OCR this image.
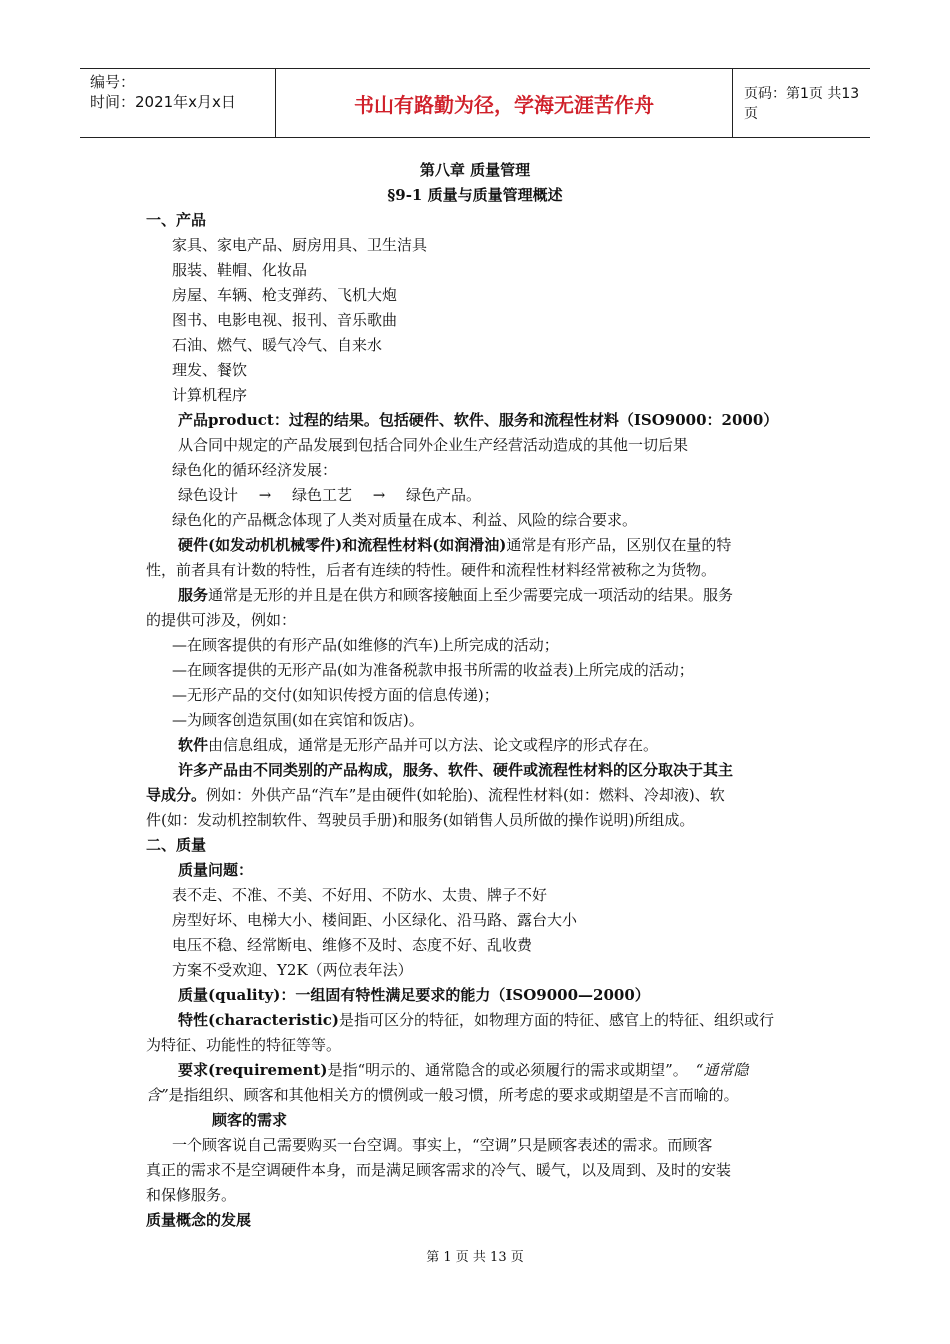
编号：
时间：2021年x月x日	书山有路勤为径，学海无涯苦作舟	页码：第1页 共13页
第八章 质量管理
§9-1 质量与质量管理概述
一、产品
家具、家电产品、厨房用具、卫生洁具
服装、鞋帽、化妆品
房屋、车辆、枪支弹药、飞机大炮
图书、电影电视、报刊、音乐歌曲
石油、燃气、暖气冷气、自来水
理发、餐饮
计算机程序
产品product：过程的结果。包括硬件、软件、服务和流程性材料（ISO9000：2000）
从合同中规定的产品发展到包括合同外企业生产经营活动造成的其他一切后果
绿色化的循环经济发展：
绿色设计 → 绿色工艺 → 绿色产品。
绿色化的产品概念体现了人类对质量在成本、利益、风险的综合要求。
硬件(如发动机机械零件)和流程性材料(如润滑油)通常是有形产品，区别仅在量的特
性，前者具有计数的特性，后者有连续的特性。硬件和流程性材料经常被称之为货物。
服务通常是无形的并且是在供方和顾客接触面上至少需要完成一项活动的结果。服务
的提供可涉及，例如：
—在顾客提供的有形产品(如维修的汽车)上所完成的活动；
—在顾客提供的无形产品(如为准备税款申报书所需的收益表)上所完成的活动；
—无形产品的交付(如知识传授方面的信息传递)；
—为顾客创造氛围(如在宾馆和饭店)。
软件由信息组成，通常是无形产品并可以方法、论文或程序的形式存在。
许多产品由不同类别的产品构成，服务、软件、硬件或流程性材料的区分取决于其主
导成分。例如：外供产品“汽车”是由硬件(如轮胎)、流程性材料(如：燃料、冷却液)、软
件(如：发动机控制软件、驾驶员手册)和服务(如销售人员所做的操作说明)所组成。
二、质量
质量问题：
表不走、不准、不美、不好用、不防水、太贵、牌子不好
房型好坏、电梯大小、楼间距、小区绿化、沿马路、露台大小
电压不稳、经常断电、维修不及时、态度不好、乱收费
方案不受欢迎、Y2K（两位表年法）
质量(quality)：一组固有特性满足要求的能力（ISO9000—2000）
特性(characteristic)是指可区分的特征，如物理方面的特征、感官上的特征、组织或行
为特征、功能性的特征等等。
要求(requirement)是指“明示的、通常隐含的或必须履行的需求或期望”。 “通常隐
含”是指组织、顾客和其他相关方的惯例或一般习惯，所考虑的要求或期望是不言而喻的。
顾客的需求
一个顾客说自己需要购买一台空调。事实上，“空调”只是顾客表述的需求。而顾客
真正的需求不是空调硬件本身，而是满足顾客需求的冷气、暖气，以及周到、及时的安装
和保修服务。
质量概念的发展
第 1 页 共 13 页
